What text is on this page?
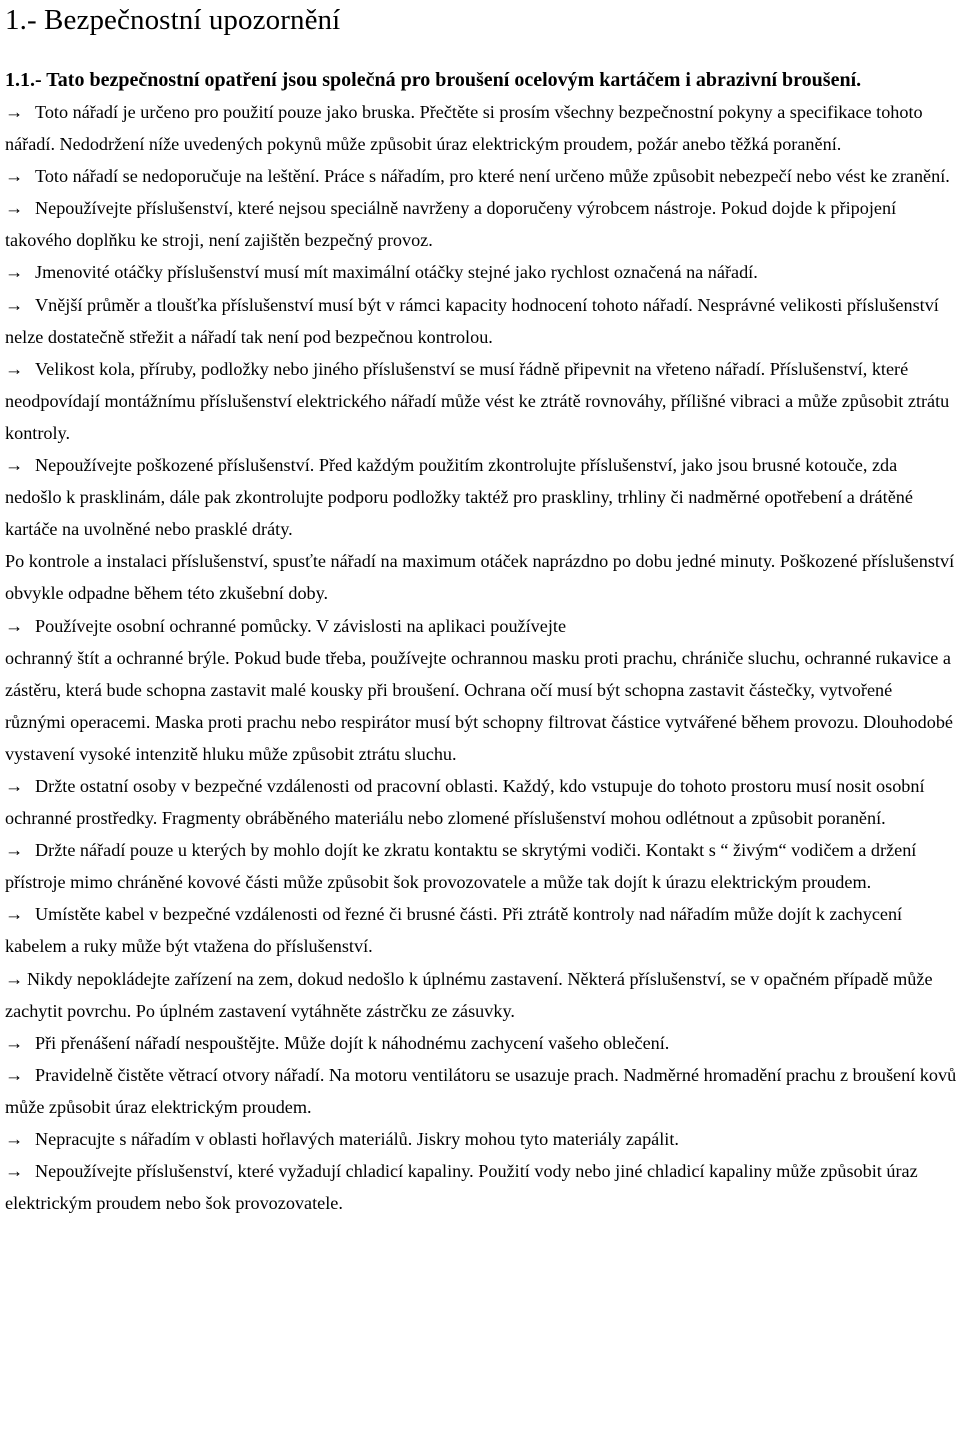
1.- Bezpečnostní upozornění
1.1.- Tato bezpečnostní opatření jsou společná pro broušení ocelovým kartáčem i abrazivní broušení.
→ Toto nářadí je určeno pro použití pouze jako bruska. Přečtěte si prosím všechny bezpečnostní pokyny a specifikace tohoto nářadí. Nedodržení níže uvedených pokynů může způsobit úraz elektrickým proudem, požár anebo těžká poranění.
→ Toto nářadí se nedoporučuje na leštění. Práce s nářadím, pro které není určeno může způsobit nebezpečí nebo vést ke zranění.
→ Nepoužívejte příslušenství, které nejsou speciálně navrženy a doporučeny výrobcem nástroje. Pokud dojde k připojení takového doplňku ke stroji, není zajištěn bezpečný provoz.
→ Jmenovité otáčky příslušenství musí mít maximální otáčky stejné jako rychlost označená na nářadí.
→ Vnější průměr a tloušťka příslušenství musí být v rámci kapacity hodnocení tohoto nářadí. Nesprávné velikosti příslušenství nelze dostatečně střežit a nářadí tak není pod bezpečnou kontrolou.
→ Velikost kola, příruby, podložky nebo jiného příslušenství se musí řádně připevnit na vřeteno nářadí. Příslušenství, které neodpovídají montážnímu příslušenství elektrického nářadí může vést ke ztrátě rovnováhy, přílišné vibraci a může způsobit ztrátu kontroly.
→ Nepoužívejte poškozené příslušenství. Před každým použitím zkontrolujte příslušenství, jako jsou brusné kotouče, zda nedošlo k prasklinám, dále pak zkontrolujte podporu podložky taktéž pro praskliny, trhliny či nadměrné opotřebení a drátěné kartáče na uvolněné nebo prasklé dráty.
Po kontrole a instalaci příslušenství, spusťte nářadí na maximum otáček naprázdno po dobu jedné minuty. Poškozené příslušenství obvykle odpadne během této zkušební doby.
→ Používejte osobní ochranné pomůcky. V závislosti na aplikaci používejte
ochranný štít a ochranné brýle. Pokud bude třeba, používejte ochrannou masku proti prachu, chrániče sluchu, ochranné rukavice a zástěru, která bude schopna zastavit malé kousky při broušení. Ochrana očí musí být schopna zastavit částečky, vytvořené různými operacemi. Maska proti prachu nebo respirátor musí být schopny filtrovat částice vytvářené během provozu. Dlouhodobé vystavení vysoké intenzitě hluku může způsobit ztrátu sluchu.
→ Držte ostatní osoby v bezpečné vzdálenosti od pracovní oblasti. Každý, kdo vstupuje do tohoto prostoru musí nosit osobní ochranné prostředky. Fragmenty obráběného materiálu nebo zlomené příslušenství mohou odlétnout a způsobit poranění.
→ Držte nářadí pouze u kterých by mohlo dojít ke zkratu kontaktu se skrytými vodiči. Kontakt s “ živým“ vodičem a držení přístroje mimo chráněné kovové části může způsobit šok provozovatele a může tak dojít k úrazu elektrickým proudem.
→ Umístěte kabel v bezpečné vzdálenosti od řezné či brusné části. Při ztrátě kontroly nad nářadím může dojít k zachycení kabelem a ruky může být vtažena do příslušenství.
→ Nikdy nepokládejte zařízení na zem, dokud nedošlo k úplnému zastavení. Některá příslušenství, se v opačném případě může zachytit povrchu. Po úplném zastavení vytáhněte zástrčku ze zásuvky.
→ Při přenášení nářadí nespouštějte. Může dojít k náhodnému zachycení vašeho oblečení.
→ Pravidelně čistěte větrací otvory nářadí. Na motoru ventilátoru se usazuje prach. Nadměrné hromadění prachu z broušení kovů může způsobit úraz elektrickým proudem.
→ Nepracujte s nářadím v oblasti hořlavých materiálů. Jiskry mohou tyto materiály zapálit.
→ Nepoužívejte příslušenství, které vyžadují chladicí kapaliny. Použití vody nebo jiné chladicí kapaliny může způsobit úraz elektrickým proudem nebo šok provozovatele.
